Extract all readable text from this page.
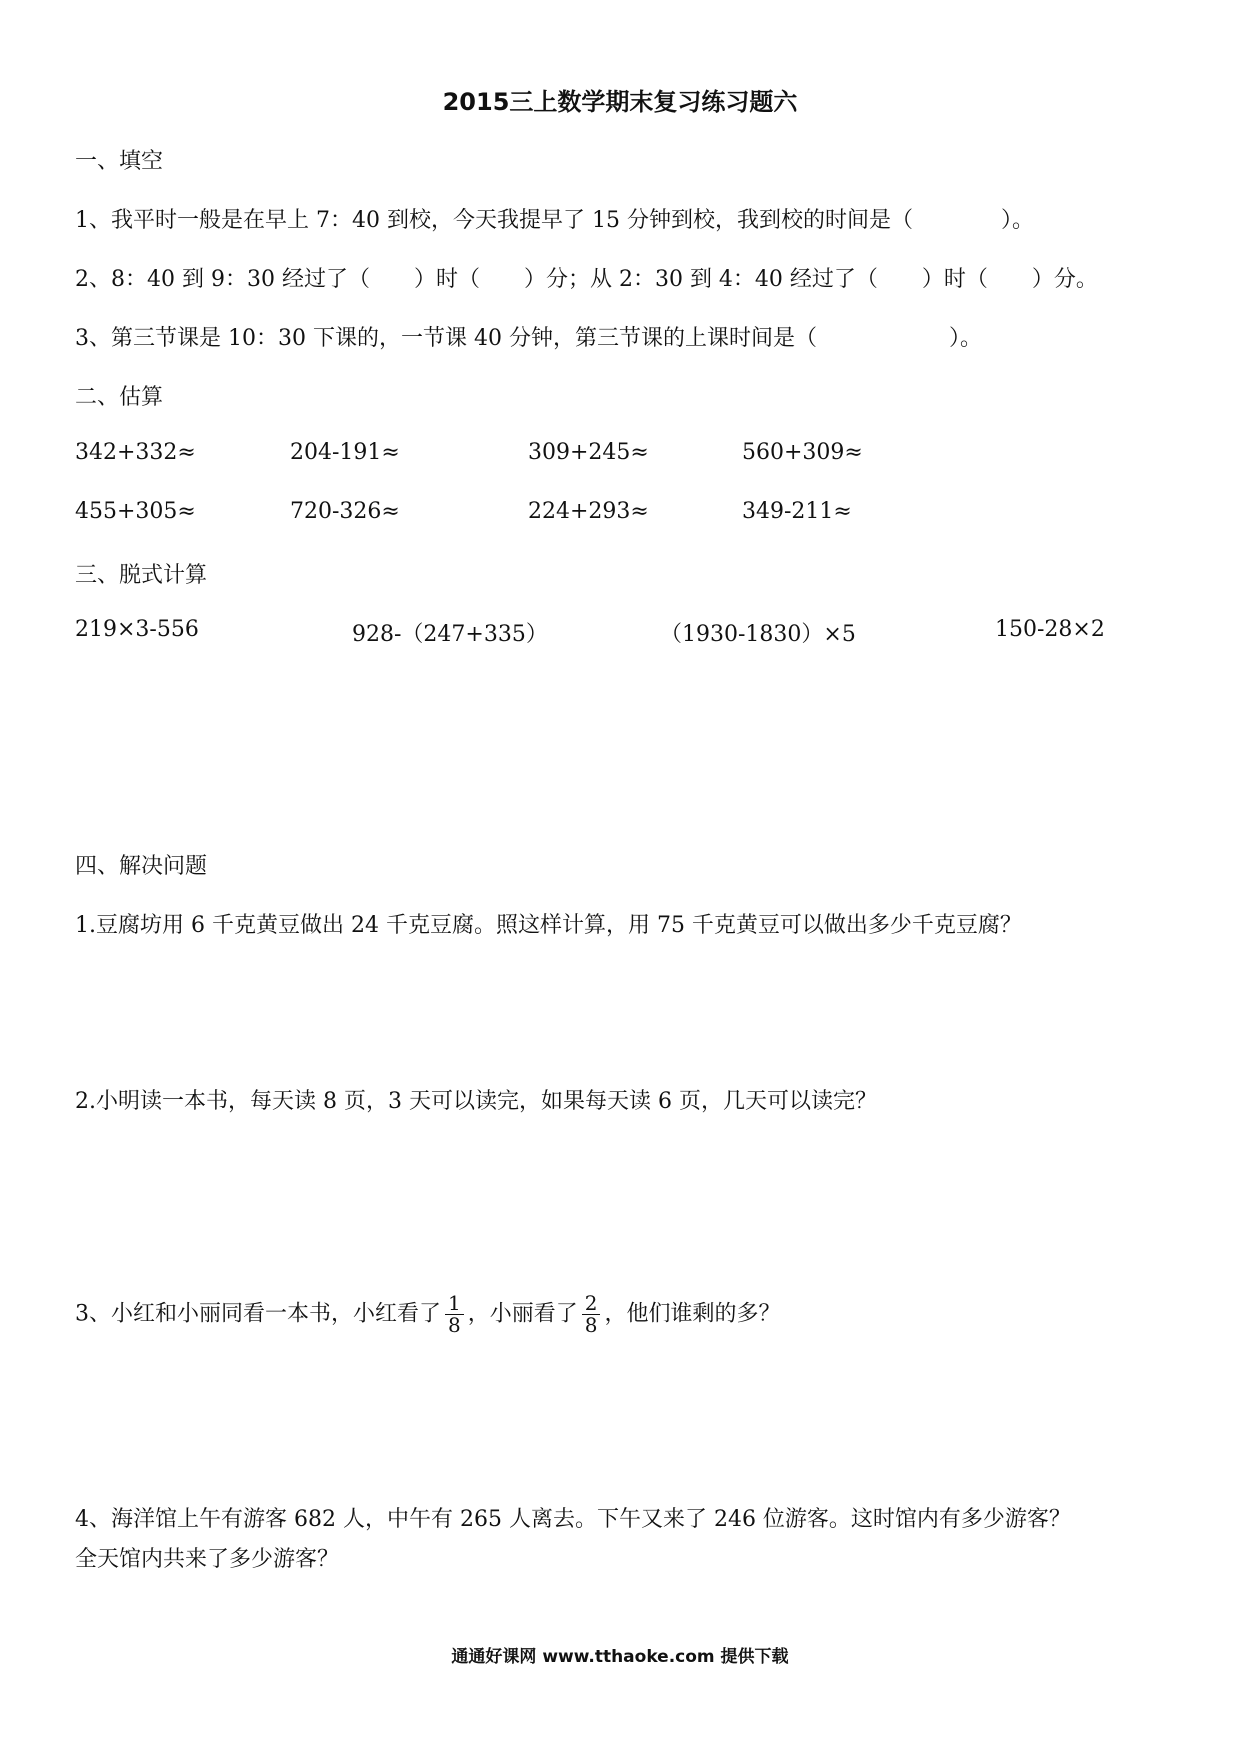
2015三上数学期末复习练习题六
一、填空
1、我平时一般是在早上 7：40 到校，今天我提早了 15 分钟到校，我到校的时间是（　　　　）。
2、8：40 到 9：30 经过了（　　）时（　　）分；从 2：30 到 4：40 经过了（　　）时（　　）分。
3、第三节课是 10：30 下课的，一节课 40 分钟，第三节课的上课时间是（　　　　　　）。
二、估算
342+332≈	204-191≈	309+245≈	560+309≈
455+305≈	720-326≈	224+293≈	349-211≈
三、脱式计算
219×3-556	928-（247+335）	（1930-1830）×5	150-28×2
四、解决问题
1.豆腐坊用 6 千克黄豆做出 24 千克豆腐。照这样计算，用 75 千克黄豆可以做出多少千克豆腐？
2.小明读一本书，每天读 8 页，3 天可以读完，如果每天读 6 页，几天可以读完？
3、小红和小丽同看一本书，小红看了 $\frac{1}{8}$ ，小丽看了 $\frac{2}{8}$ ，他们谁剩的多？
4、海洋馆上午有游客 682 人，中午有 265 人离去。下午又来了 246 位游客。这时馆内有多少游客？
全天馆内共来了多少游客？
通通好课网 www.tthaoke.com 提供下载
